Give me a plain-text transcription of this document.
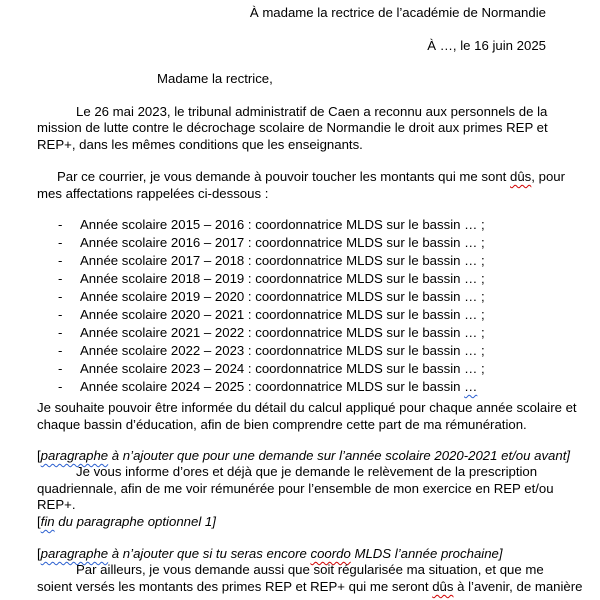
À madame la rectrice de l’académie de Normandie
À …, le 16 juin 2025
Madame la rectrice,
Le 26 mai 2023, le tribunal administratif de Caen a reconnu aux personnels de la
mission de lutte contre le décrochage scolaire de Normandie le droit aux primes REP et
REP+, dans les mêmes conditions que les enseignants.
Par ce courrier, je vous demande à pouvoir toucher les montants qui me sont dûs, pour
mes affectations rappelées ci-dessous :
- Année scolaire 2015 – 2016 : coordonnatrice MLDS sur le bassin … ;
- Année scolaire 2016 – 2017 : coordonnatrice MLDS sur le bassin … ;
- Année scolaire 2017 – 2018 : coordonnatrice MLDS sur le bassin … ;
- Année scolaire 2018 – 2019 : coordonnatrice MLDS sur le bassin … ;
- Année scolaire 2019 – 2020 : coordonnatrice MLDS sur le bassin … ;
- Année scolaire 2020 – 2021 : coordonnatrice MLDS sur le bassin … ;
- Année scolaire 2021 – 2022 : coordonnatrice MLDS sur le bassin … ;
- Année scolaire 2022 – 2023 : coordonnatrice MLDS sur le bassin … ;
- Année scolaire 2023 – 2024 : coordonnatrice MLDS sur le bassin … ;
- Année scolaire 2024 – 2025 : coordonnatrice MLDS sur le bassin …
Je souhaite pouvoir être informée du détail du calcul appliqué pour chaque année scolaire et
chaque bassin d’éducation, afin de bien comprendre cette part de ma rémunération.
[paragraphe à n’ajouter que pour une demande sur l’année scolaire 2020-2021 et/ou avant]
Je vous informe d’ores et déjà que je demande le relèvement de la prescription
quadriennale, afin de me voir rémunérée pour l’ensemble de mon exercice en REP et/ou
REP+.
[fin du paragraphe optionnel 1]
[paragraphe à n’ajouter que si tu seras encore coordo MLDS l’année prochaine]
Par ailleurs, je vous demande aussi que soit régularisée ma situation, et que me
soient versés les montants des primes REP et REP+ qui me seront dûs à l’avenir, de manière
